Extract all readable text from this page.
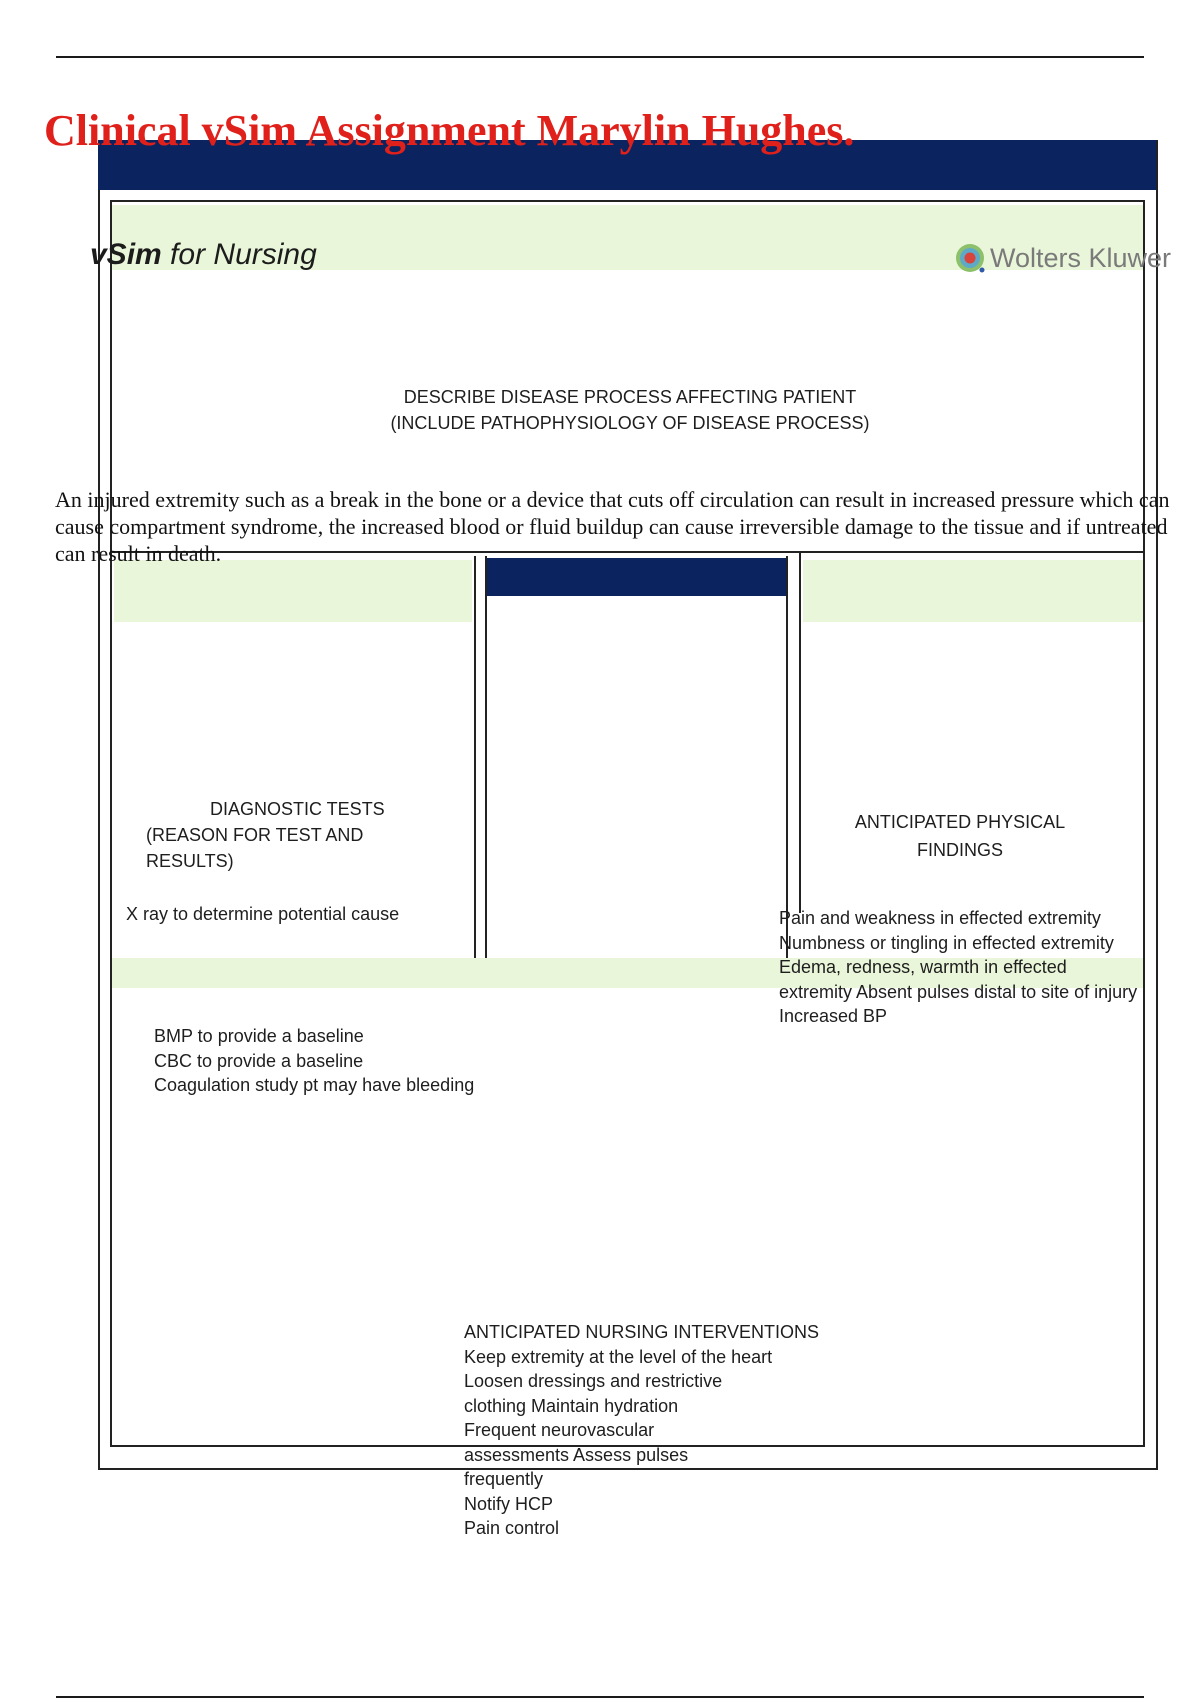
Clinical vSim Assignment Marylin Hughes.
vSim for Nursing	Wolters Kluwer
DESCRIBE DISEASE PROCESS AFFECTING PATIENT
(INCLUDE PATHOPHYSIOLOGY OF DISEASE PROCESS)

An injured extremity such as a break in the bone or a device that cuts off circulation can result in increased pressure which can cause compartment syndrome, the increased blood or fluid buildup can cause irreversible damage to the tissue and if untreated can result in death.

DIAGNOSTIC TESTS
(REASON FOR TEST AND
RESULTS)
X ray to determine potential cause
BMP to provide a baseline
CBC to provide a baseline
Coagulation study pt may have bleeding
ANTICIPATED PHYSICAL
FINDINGS
Pain and weakness in effected extremity
Numbness or tingling in effected extremity
Edema, redness, warmth in effected
extremity Absent pulses distal to site of injury
Increased BP
ANTICIPATED NURSING INTERVENTIONS
Keep extremity at the level of the heart
Loosen dressings and restrictive
clothing Maintain hydration
Frequent neurovascular
assessments Assess pulses
frequently
Notify HCP
Pain control
